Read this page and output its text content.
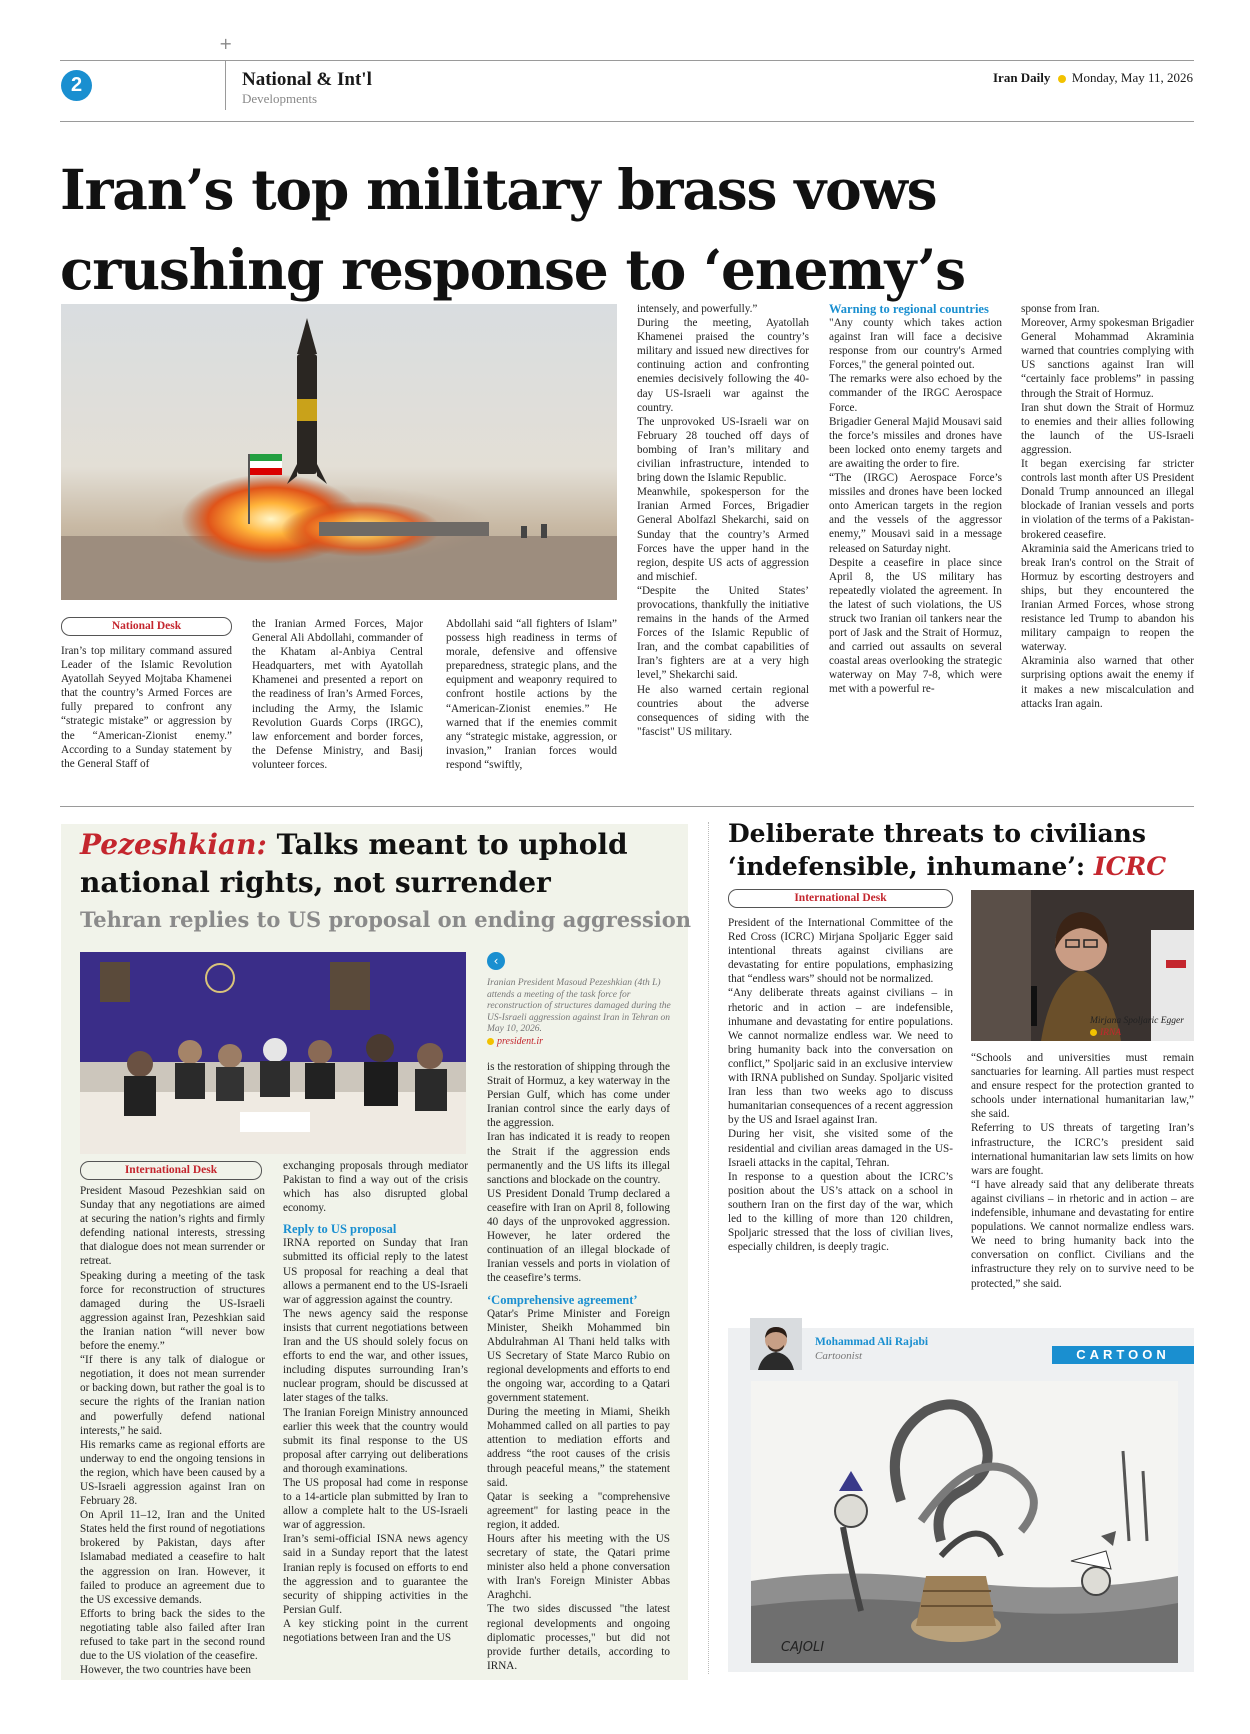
+
2	National & Int'l
Developments
Iran Daily Monday, May 11, 2026
Iran’s top military brass vows
crushing response to ‘enemy’s
National Desk
Iran’s top military command assured Leader of the Islamic Revolution Ayatollah Seyyed Mojtaba Khamenei that the country’s Armed Forces are fully prepared to confront any “strategic mistake” or aggression by the “American-Zionist enemy.” According to a Sunday statement by the General Staff of
the Iranian Armed Forces, Major General Ali Abdollahi, commander of the Khatam al-Anbiya Central Headquarters, met with Ayatollah Khamenei and presented a report on the readiness of Iran’s Armed Forces, including the Army, the Islamic Revolution Guards Corps (IRGC), law enforcement and border forces, the Defense Ministry, and Basij volunteer forces.
Abdollahi said “all fighters of Islam” possess high readiness in terms of morale, defensive and offensive preparedness, strategic plans, and the equipment and weaponry required to confront hostile actions by the “American-Zionist enemies.” He warned that if the enemies commit any “strategic mistake, aggression, or invasion,” Iranian forces would respond “swiftly,

intensely, and powerfully.”

During the meeting, Ayatollah Khamenei praised the country’s military and issued new directives for continuing action and confronting enemies decisively following the 40-day US-Israeli war against the country.

The unprovoked US-Israeli war on February 28 touched off days of bombing of Iran’s military and civilian infrastructure, intended to bring down the Islamic Republic.

Meanwhile, spokesperson for the Iranian Armed Forces, Brigadier General Abolfazl Shekarchi, said on Sunday that the country’s Armed Forces have the upper hand in the region, despite US acts of aggression and mischief.

“Despite the United States’ provocations, thankfully the initiative remains in the hands of the Armed Forces of the Islamic Republic of Iran, and the combat capabilities of Iran’s fighters are at a very high level,” Shekarchi said.

He also warned certain regional countries about the adverse consequences of siding with the "fascist" US military.

Warning to regional countries

"Any county which takes action against Iran will face a decisive response from our country's Armed Forces," the general pointed out.

The remarks were also echoed by the commander of the IRGC Aerospace Force.

Brigadier General Majid Mousavi said the force’s missiles and drones have been locked onto enemy targets and are awaiting the order to fire.

“The (IRGC) Aerospace Force’s missiles and drones have been locked onto American targets in the region and the vessels of the aggressor enemy,” Mousavi said in a message released on Saturday night.

Despite a ceasefire in place since April 8, the US military has repeatedly violated the agreement. In the latest of such violations, the US struck two Iranian oil tankers near the port of Jask and the Strait of Hormuz, and carried out assaults on several coastal areas overlooking the strategic waterway on May 7-8, which were met with a powerful re-

sponse from Iran.

Moreover, Army spokesman Brigadier General Mohammad Akraminia warned that countries complying with US sanctions against Iran will “certainly face problems” in passing through the Strait of Hormuz.

Iran shut down the Strait of Hormuz to enemies and their allies following the launch of the US-Israeli aggression.

It began exercising far stricter controls last month after US President Donald Trump announced an illegal blockade of Iranian vessels and ports in violation of the terms of a Pakistan-brokered ceasefire.

Akraminia said the Americans tried to break Iran's control on the Strait of Hormuz by escorting destroyers and ships, but they encountered the Iranian Armed Forces, whose strong resistance led Trump to abandon his military campaign to reopen the waterway.

Akraminia also warned that other surprising options await the enemy if it makes a new miscalculation and attacks Iran again.

Pezeshkian: Talks meant to uphold
national rights, not surrender
Tehran replies to US proposal on ending aggression
‹
Iranian President Masoud Pezeshkian (4th L) attends a meeting of the task force for reconstruction of structures damaged during the US-Israeli aggression against Iran in Tehran on May 10, 2026.
president.ir
International Desk

President Masoud Pezeshkian said on Sunday that any negotiations are aimed at securing the nation’s rights and firmly defending national interests, stressing that dialogue does not mean surrender or retreat.

Speaking during a meeting of the task force for reconstruction of structures damaged during the US-Israeli aggression against Iran, Pezeshkian said the Iranian nation “will never bow before the enemy.”

“If there is any talk of dialogue or negotiation, it does not mean surrender or backing down, but rather the goal is to secure the rights of the Iranian nation and powerfully defend national interests,” he said.

His remarks came as regional efforts are underway to end the ongoing tensions in the region, which have been caused by a US-Israeli aggression against Iran on February 28.

On April 11–12, Iran and the United States held the first round of negotiations brokered by Pakistan, days after Islamabad mediated a ceasefire to halt the aggression on Iran. However, it failed to produce an agreement due to the US excessive demands.

Efforts to bring back the sides to the negotiating table also failed after Iran refused to take part in the second round due to the US violation of the ceasefire.

However, the two countries have been

exchanging proposals through mediator Pakistan to find a way out of the crisis which has also disrupted global economy.
Reply to US proposal

IRNA reported on Sunday that Iran submitted its official reply to the latest US proposal for reaching a deal that allows a permanent end to the US-Israeli war of aggression against the country.

The news agency said the response insists that current negotiations between Iran and the US should solely focus on efforts to end the war, and other issues, including disputes surrounding Iran’s nuclear program, should be discussed at later stages of the talks.

The Iranian Foreign Ministry announced earlier this week that the country would submit its final response to the US proposal after carrying out deliberations and thorough examinations.

The US proposal had come in response to a 14-article plan submitted by Iran to allow a complete halt to the US-Israeli war of aggression.

Iran’s semi-official ISNA news agency said in a Sunday report that the latest Iranian reply is focused on efforts to end the aggression and to guarantee the security of shipping activities in the Persian Gulf.

A key sticking point in the current negotiations between Iran and the US

is the restoration of shipping through the Strait of Hormuz, a key waterway in the Persian Gulf, which has come under Iranian control since the early days of the aggression.

Iran has indicated it is ready to reopen the Strait if the aggression ends permanently and the US lifts its illegal sanctions and blockade on the country.

US President Donald Trump declared a ceasefire with Iran on April 8, following 40 days of the unprovoked aggression. However, he later ordered the continuation of an illegal blockade of Iranian vessels and ports in violation of the ceasefire’s terms.

‘Comprehensive agreement’

Qatar's Prime Minister and Foreign Minister, Sheikh Mohammed bin Abdulrahman Al Thani held talks with US Secretary of State Marco Rubio on regional developments and efforts to end the ongoing war, according to a Qatari government statement.

During the meeting in Miami, Sheikh Mohammed called on all parties to pay attention to mediation efforts and address “the root causes of the crisis through peaceful means,” the statement said.

Qatar is seeking a "comprehensive agreement" for lasting peace in the region, it added.

Hours after his meeting with the US secretary of state, the Qatari prime minister also held a phone conversation with Iran's Foreign Minister Abbas Araghchi.

The two sides discussed "the latest regional developments and ongoing diplomatic processes," but did not provide further details, according to IRNA.

Deliberate threats to civilians
‘indefensible, inhumane’: ICRC
International Desk
Mirjana Spoljaric Egger
IRNA

President of the International Committee of the Red Cross (ICRC) Mirjana Spoljaric Egger said intentional threats against civilians are devastating for entire populations, emphasizing that “endless wars” should not be normalized.

“Any deliberate threats against civilians – in rhetoric and in action – are indefensible, inhumane and devastating for entire populations. We cannot normalize endless war. We need to bring humanity back into the conversation on conflict,” Spoljaric said in an exclusive interview with IRNA published on Sunday. Spoljaric visited Iran less than two weeks ago to discuss humanitarian consequences of a recent aggression by the US and Israel against Iran.

During her visit, she visited some of the residential and civilian areas damaged in the US-Israeli attacks in the capital, Tehran.

In response to a question about the ICRC’s position about the US’s attack on a school in southern Iran on the first day of the war, which led to the killing of more than 120 children, Spoljaric stressed that the loss of civilian lives, especially children, is deeply tragic.

“Schools and universities must remain sanctuaries for learning. All parties must respect and ensure respect for the protection granted to schools under international humanitarian law,” she said.

Referring to US threats of targeting Iran’s infrastructure, the ICRC’s president said international humanitarian law sets limits on how wars are fought.

“I have already said that any deliberate threats against civilians – in rhetoric and in action – are indefensible, inhumane and devastating for entire populations. We cannot normalize endless wars. We need to bring humanity back into the conversation on conflict. Civilians and the infrastructure they rely on to survive need to be protected,” she said.

Mohammad Ali Rajabi
Cartoonist	CARTOON
CAJOLI
